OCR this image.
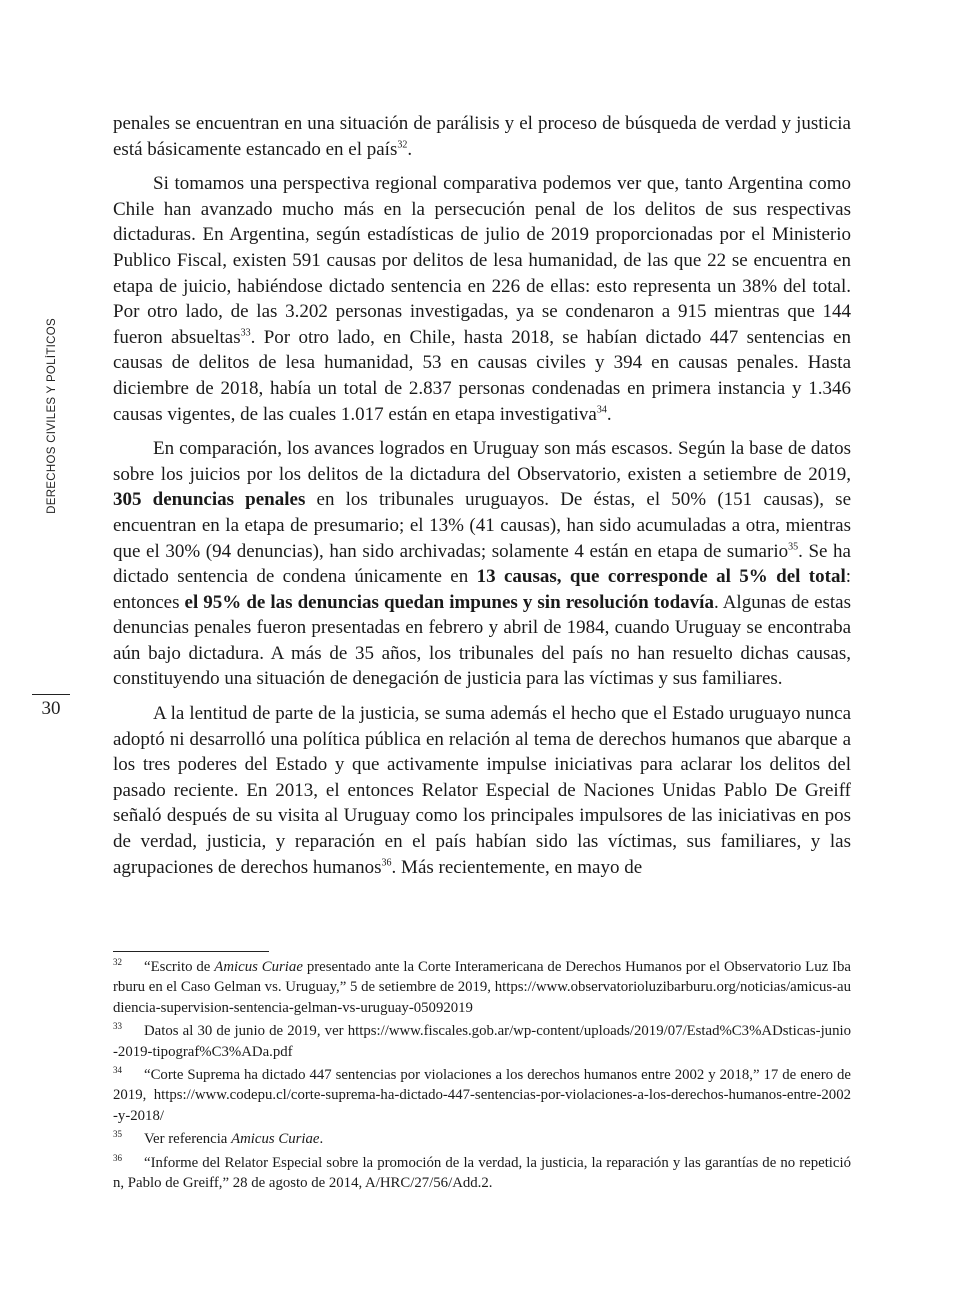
DERECHOS CIVILES Y POLÍTICOS
30

penales se encuentran en una situación de parálisis y el proceso de búsqueda de verdad y justicia está básicamente estancado en el país$^{32}$.

Si tomamos una perspectiva regional comparativa podemos ver que, tanto Argentina como Chile han avanzado mucho más en la persecución penal de los delitos de sus respectivas dictaduras. En Argentina, según estadísticas de julio de 2019 proporcionadas por el Ministerio Publico Fiscal, existen 591 causas por delitos de lesa humanidad, de las que 22 se encuentra en etapa de juicio, habiéndose dictado sentencia en 226 de ellas: esto representa un 38% del total. Por otro lado, de las 3.202 personas investigadas, ya se condenaron a 915 mientras que 144 fueron absueltas$^{33}$. Por otro lado, en Chile, hasta 2018, se habían dictado 447 sentencias en causas de delitos de lesa humanidad, 53 en causas civiles y 394 en causas penales. Hasta diciembre de 2018, había un total de 2.837 personas condenadas en primera instancia y 1.346 causas vigentes, de las cuales 1.017 están en etapa investigativa$^{34}$.

En comparación, los avances logrados en Uruguay son más escasos. Según la base de datos sobre los juicios por los delitos de la dictadura del Observatorio, existen a setiembre de 2019, 305 denuncias penales en los tribunales uruguayos. De éstas, el 50% (151 causas), se encuentran en la etapa de presumario; el 13% (41 causas), han sido acumuladas a otra, mientras que el 30% (94 denuncias), han sido archivadas; solamente 4 están en etapa de sumario$^{35}$. Se ha dictado sentencia de condena únicamente en 13 causas, que corresponde al 5% del total: entonces el 95% de las denuncias quedan impunes y sin resolución todavía. Algunas de estas denuncias penales fueron presentadas en febrero y abril de 1984, cuando Uruguay se encontraba aún bajo dictadura. A más de 35 años, los tribunales del país no han resuelto dichas causas, constituyendo una situación de denegación de justicia para las víctimas y sus familiares.

A la lentitud de parte de la justicia, se suma además el hecho que el Estado uruguayo nunca adoptó ni desarrolló una política pública en relación al tema de derechos humanos que abarque a los tres poderes del Estado y que activamente impulse iniciativas para aclarar los delitos del pasado reciente. En 2013, el entonces Relator Especial de Naciones Unidas Pablo De Greiff señaló después de su visita al Uruguay como los principales impulsores de las iniciativas en pos de verdad, justicia, y reparación en el país habían sido las víctimas, sus familiares, y las agrupaciones de derechos humanos$^{36}$. Más recientemente, en mayo de

$^{32}$ “Escrito de Amicus Curiae presentado ante la Corte Interamericana de Derechos Humanos por el Observatorio Luz Ibarburu en el Caso Gelman vs. Uruguay,” 5 de setiembre de 2019, https://www.observatorioluzibarburu.org/noticias/amicus-audiencia-supervision-sentencia-gelman-vs-uruguay-05092019

$^{33}$ Datos al 30 de junio de 2019, ver https://www.fiscales.gob.ar/wp-content/uploads/2019/07/Estad%C3%ADsticas-junio-2019-tipograf%C3%ADa.pdf

$^{34}$ “Corte Suprema ha dictado 447 sentencias por violaciones a los derechos humanos entre 2002 y 2018,” 17 de enero de 2019, https://www.codepu.cl/corte-suprema-ha-dictado-447-sentencias-por-violaciones-a-los-derechos-humanos-entre-2002-y-2018/

$^{35}$ Ver referencia Amicus Curiae.

$^{36}$ “Informe del Relator Especial sobre la promoción de la verdad, la justicia, la reparación y las garantías de no repetición, Pablo de Greiff,” 28 de agosto de 2014, A/HRC/27/56/Add.2.
